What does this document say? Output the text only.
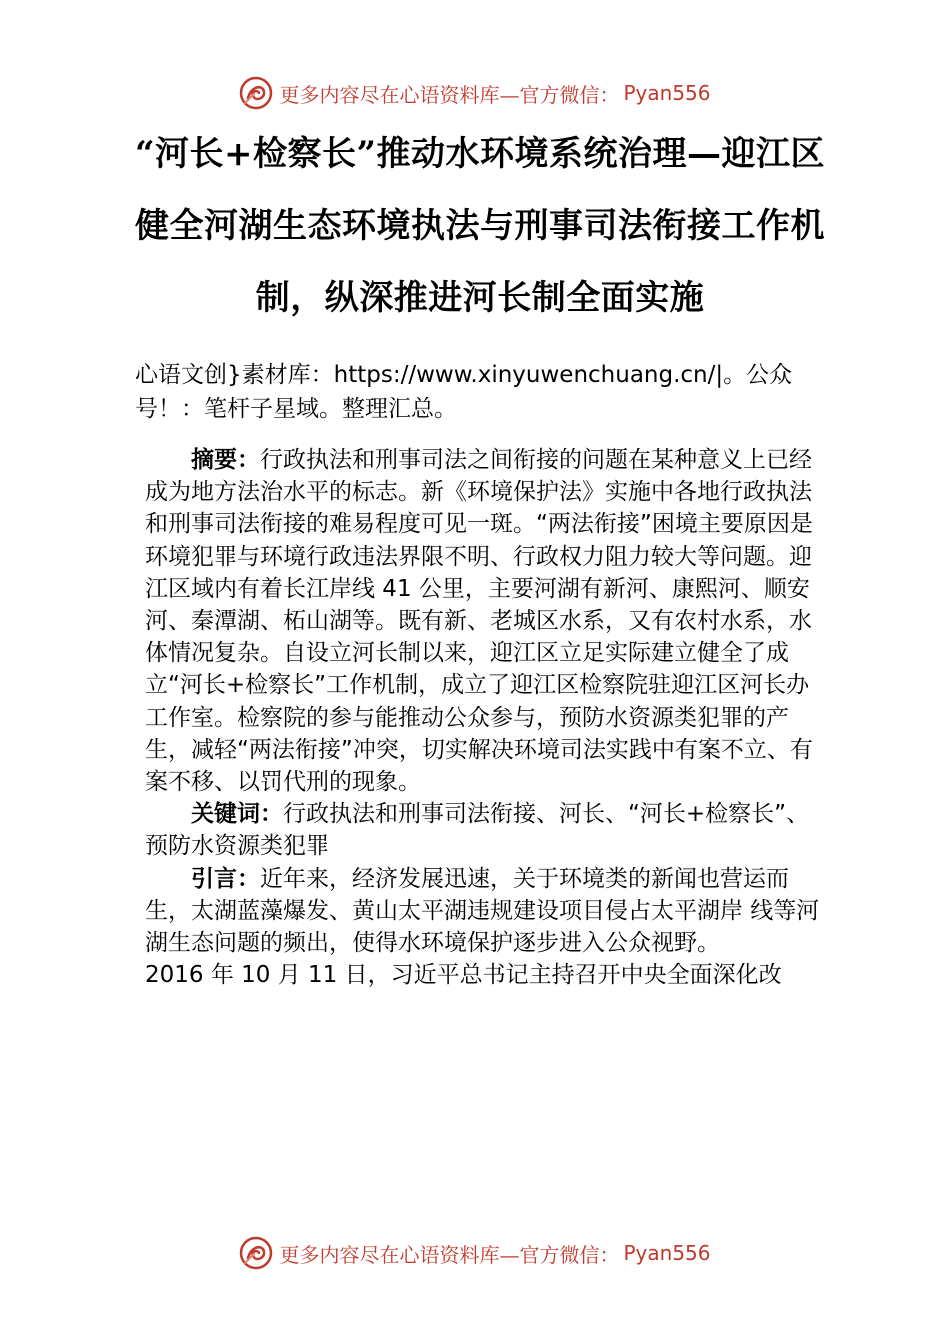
更多内容尽在心语资料库—官方微信： Pyan556
“河长+检察长”推动水环境系统治理—迎江区健全河湖生态环境执法与刑事司法衔接工作机制，纵深推进河长制全面实施

心语文创}素材库：https://www.xinyuwenchuang.cn/|。公众号！：笔杆子星域。整理汇总。

摘要：行政执法和刑事司法之间衔接的问题在某种意义上已经成为地方法治水平的标志。新《环境保护法》实施中各地行政执法和刑事司法衔接的难易程度可见一斑。“两法衔接”困境主要原因是环境犯罪与环境行政违法界限不明、行政权力阻力较大等问题。迎江区域内有着长江岸线 41 公里，主要河湖有新河、康熙河、顺安河、秦潭湖、柘山湖等。既有新、老城区水系，又有农村水系，水体情况复杂。自设立河长制以来，迎江区立足实际建立健全了成立“河长+检察长”工作机制，成立了迎江区检察院驻迎江区河长办工作室。检察院的参与能推动公众参与，预防水资源类犯罪的产生，减轻“两法衔接”冲突，切实解决环境司法实践中有案不立、有案不移、以罚代刑的现象。

关键词：行政执法和刑事司法衔接、河长、“河长+检察长”、预防水资源类犯罪

引言：近年来，经济发展迅速，关于环境类的新闻也营运而生，太湖蓝藻爆发、黄山太平湖违规建设项目侵占太平湖岸 线等河湖生态问题的频出，使得水环境保护逐步进入公众视野。

2016 年 10 月 11 日，习近平总书记主持召开中央全面深化改

更多内容尽在心语资料库—官方微信： Pyan556
